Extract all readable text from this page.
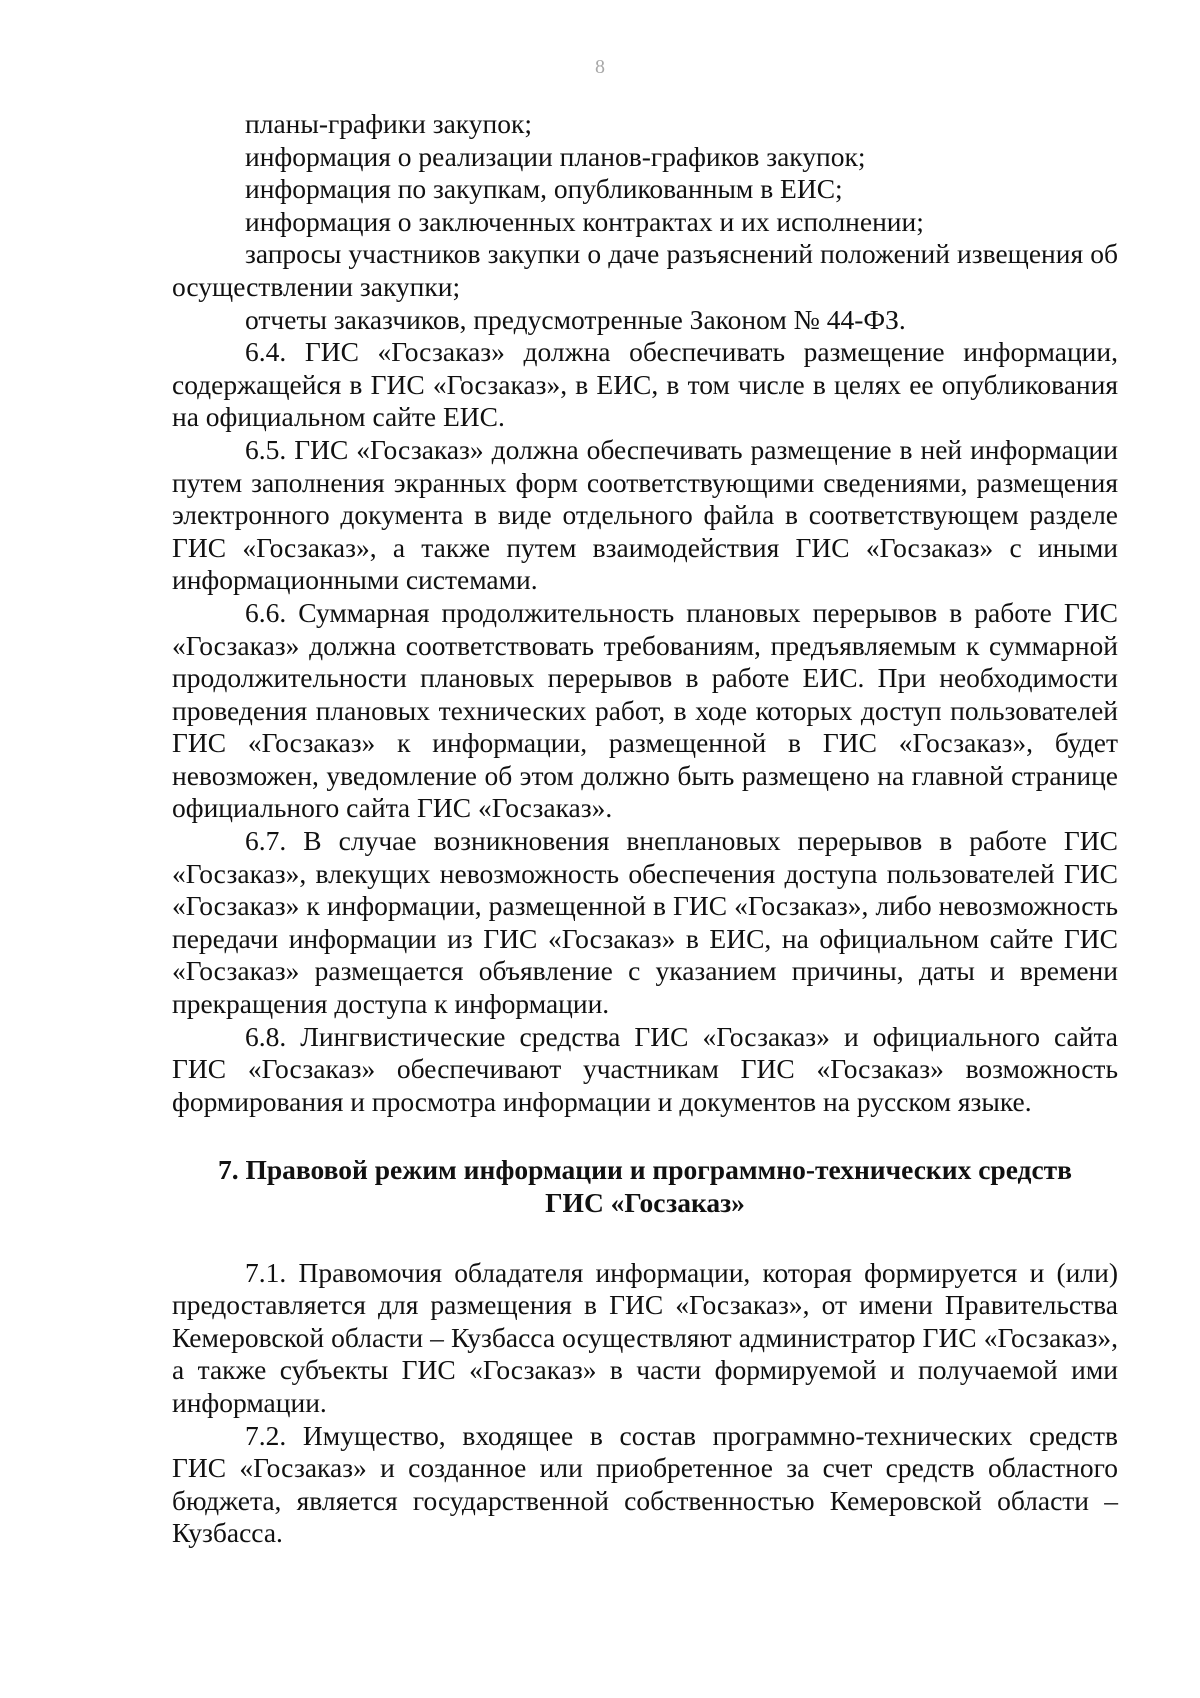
8

планы-графики закупок;

информация о реализации планов-графиков закупок;

информация по закупкам, опубликованным в ЕИС;

информация о заключенных контрактах и их исполнении;

запросы участников закупки о даче разъяснений положений извещения об осуществлении закупки;

отчеты заказчиков, предусмотренные Законом № 44-ФЗ.

6.4. ГИС «Госзаказ» должна обеспечивать размещение информации, содержащейся в ГИС «Госзаказ», в ЕИС, в том числе в целях ее опубликования на официальном сайте ЕИС.

6.5. ГИС «Госзаказ» должна обеспечивать размещение в ней информации путем заполнения экранных форм соответствующими сведениями, размещения электронного документа в виде отдельного файла в соответствующем разделе ГИС «Госзаказ», а также путем взаимодействия ГИС «Госзаказ» с иными информационными системами.

6.6. Суммарная продолжительность плановых перерывов в работе ГИС «Госзаказ» должна соответствовать требованиям, предъявляемым к суммарной продолжительности плановых перерывов в работе ЕИС. При необходимости проведения плановых технических работ, в ходе которых доступ пользователей ГИС «Госзаказ» к информации, размещенной в ГИС «Госзаказ», будет невозможен, уведомление об этом должно быть размещено на главной странице официального сайта ГИС «Госзаказ».

6.7. В случае возникновения внеплановых перерывов в работе ГИС «Госзаказ», влекущих невозможность обеспечения доступа пользователей ГИС «Госзаказ» к информации, размещенной в ГИС «Госзаказ», либо невозможность передачи информации из ГИС «Госзаказ» в ЕИС, на официальном сайте ГИС «Госзаказ» размещается объявление с указанием причины, даты и времени прекращения доступа к информации.

6.8. Лингвистические средства ГИС «Госзаказ» и официального сайта ГИС «Госзаказ» обеспечивают участникам ГИС «Госзаказ» возможность формирования и просмотра информации и документов на русском языке.

7. Правовой режим информации и программно-технических средств
ГИС «Госзаказ»

7.1. Правомочия обладателя информации, которая формируется и (или) предоставляется для размещения в ГИС «Госзаказ», от имени Правительства Кемеровской области – Кузбасса осуществляют администратор ГИС «Госзаказ», а также субъекты ГИС «Госзаказ» в части формируемой и получаемой ими информации.

7.2. Имущество, входящее в состав программно-технических средств ГИС «Госзаказ» и созданное или приобретенное за счет средств областного бюджета, является государственной собственностью Кемеровской области – Кузбасса.
